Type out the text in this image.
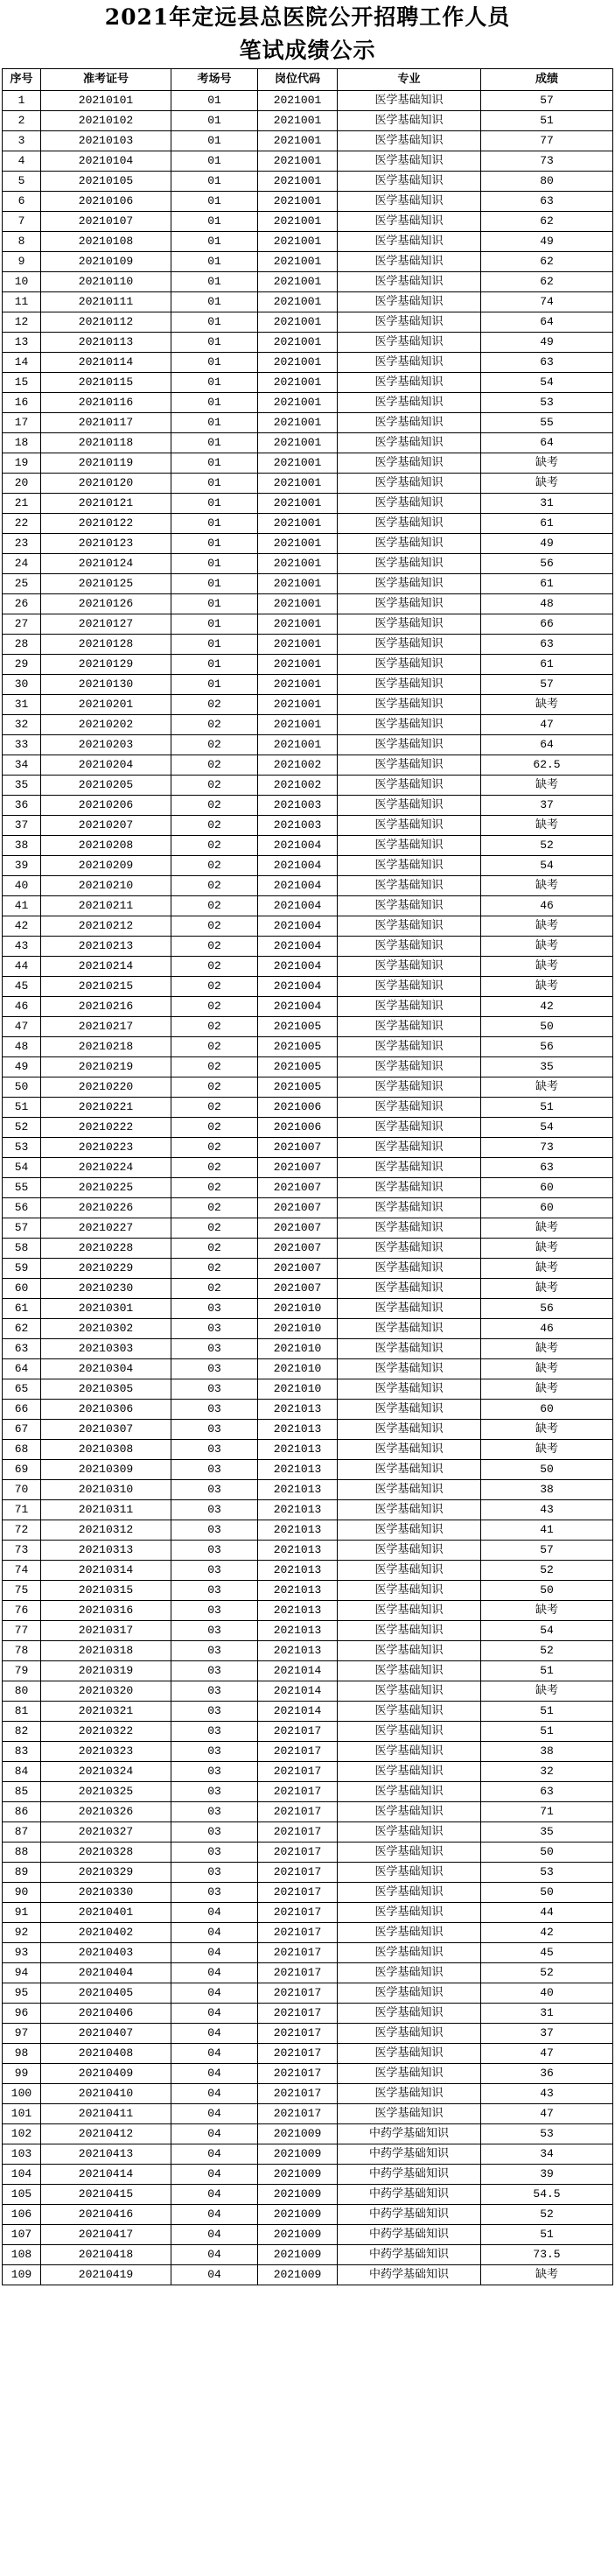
2021年定远县总医院公开招聘工作人员
笔试成绩公示
序号	准考证号	考场号	岗位代码	专业	成绩
1	20210101	01	2021001	医学基础知识	57
2	20210102	01	2021001	医学基础知识	51
3	20210103	01	2021001	医学基础知识	77
4	20210104	01	2021001	医学基础知识	73
5	20210105	01	2021001	医学基础知识	80
6	20210106	01	2021001	医学基础知识	63
7	20210107	01	2021001	医学基础知识	62
8	20210108	01	2021001	医学基础知识	49
9	20210109	01	2021001	医学基础知识	62
10	20210110	01	2021001	医学基础知识	62
11	20210111	01	2021001	医学基础知识	74
12	20210112	01	2021001	医学基础知识	64
13	20210113	01	2021001	医学基础知识	49
14	20210114	01	2021001	医学基础知识	63
15	20210115	01	2021001	医学基础知识	54
16	20210116	01	2021001	医学基础知识	53
17	20210117	01	2021001	医学基础知识	55
18	20210118	01	2021001	医学基础知识	64
19	20210119	01	2021001	医学基础知识	缺考
20	20210120	01	2021001	医学基础知识	缺考
21	20210121	01	2021001	医学基础知识	31
22	20210122	01	2021001	医学基础知识	61
23	20210123	01	2021001	医学基础知识	49
24	20210124	01	2021001	医学基础知识	56
25	20210125	01	2021001	医学基础知识	61
26	20210126	01	2021001	医学基础知识	48
27	20210127	01	2021001	医学基础知识	66
28	20210128	01	2021001	医学基础知识	63
29	20210129	01	2021001	医学基础知识	61
30	20210130	01	2021001	医学基础知识	57
31	20210201	02	2021001	医学基础知识	缺考
32	20210202	02	2021001	医学基础知识	47
33	20210203	02	2021001	医学基础知识	64
34	20210204	02	2021002	医学基础知识	62.5
35	20210205	02	2021002	医学基础知识	缺考
36	20210206	02	2021003	医学基础知识	37
37	20210207	02	2021003	医学基础知识	缺考
38	20210208	02	2021004	医学基础知识	52
39	20210209	02	2021004	医学基础知识	54
40	20210210	02	2021004	医学基础知识	缺考
41	20210211	02	2021004	医学基础知识	46
42	20210212	02	2021004	医学基础知识	缺考
43	20210213	02	2021004	医学基础知识	缺考
44	20210214	02	2021004	医学基础知识	缺考
45	20210215	02	2021004	医学基础知识	缺考
46	20210216	02	2021004	医学基础知识	42
47	20210217	02	2021005	医学基础知识	50
48	20210218	02	2021005	医学基础知识	56
49	20210219	02	2021005	医学基础知识	35
50	20210220	02	2021005	医学基础知识	缺考
51	20210221	02	2021006	医学基础知识	51
52	20210222	02	2021006	医学基础知识	54
53	20210223	02	2021007	医学基础知识	73
54	20210224	02	2021007	医学基础知识	63
55	20210225	02	2021007	医学基础知识	60
56	20210226	02	2021007	医学基础知识	60
57	20210227	02	2021007	医学基础知识	缺考
58	20210228	02	2021007	医学基础知识	缺考
59	20210229	02	2021007	医学基础知识	缺考
60	20210230	02	2021007	医学基础知识	缺考
61	20210301	03	2021010	医学基础知识	56
62	20210302	03	2021010	医学基础知识	46
63	20210303	03	2021010	医学基础知识	缺考
64	20210304	03	2021010	医学基础知识	缺考
65	20210305	03	2021010	医学基础知识	缺考
66	20210306	03	2021013	医学基础知识	60
67	20210307	03	2021013	医学基础知识	缺考
68	20210308	03	2021013	医学基础知识	缺考
69	20210309	03	2021013	医学基础知识	50
70	20210310	03	2021013	医学基础知识	38
71	20210311	03	2021013	医学基础知识	43
72	20210312	03	2021013	医学基础知识	41
73	20210313	03	2021013	医学基础知识	57
74	20210314	03	2021013	医学基础知识	52
75	20210315	03	2021013	医学基础知识	50
76	20210316	03	2021013	医学基础知识	缺考
77	20210317	03	2021013	医学基础知识	54
78	20210318	03	2021013	医学基础知识	52
79	20210319	03	2021014	医学基础知识	51
80	20210320	03	2021014	医学基础知识	缺考
81	20210321	03	2021014	医学基础知识	51
82	20210322	03	2021017	医学基础知识	51
83	20210323	03	2021017	医学基础知识	38
84	20210324	03	2021017	医学基础知识	32
85	20210325	03	2021017	医学基础知识	63
86	20210326	03	2021017	医学基础知识	71
87	20210327	03	2021017	医学基础知识	35
88	20210328	03	2021017	医学基础知识	50
89	20210329	03	2021017	医学基础知识	53
90	20210330	03	2021017	医学基础知识	50
91	20210401	04	2021017	医学基础知识	44
92	20210402	04	2021017	医学基础知识	42
93	20210403	04	2021017	医学基础知识	45
94	20210404	04	2021017	医学基础知识	52
95	20210405	04	2021017	医学基础知识	40
96	20210406	04	2021017	医学基础知识	31
97	20210407	04	2021017	医学基础知识	37
98	20210408	04	2021017	医学基础知识	47
99	20210409	04	2021017	医学基础知识	36
100	20210410	04	2021017	医学基础知识	43
101	20210411	04	2021017	医学基础知识	47
102	20210412	04	2021009	中药学基础知识	53
103	20210413	04	2021009	中药学基础知识	34
104	20210414	04	2021009	中药学基础知识	39
105	20210415	04	2021009	中药学基础知识	54.5
106	20210416	04	2021009	中药学基础知识	52
107	20210417	04	2021009	中药学基础知识	51
108	20210418	04	2021009	中药学基础知识	73.5
109	20210419	04	2021009	中药学基础知识	缺考
